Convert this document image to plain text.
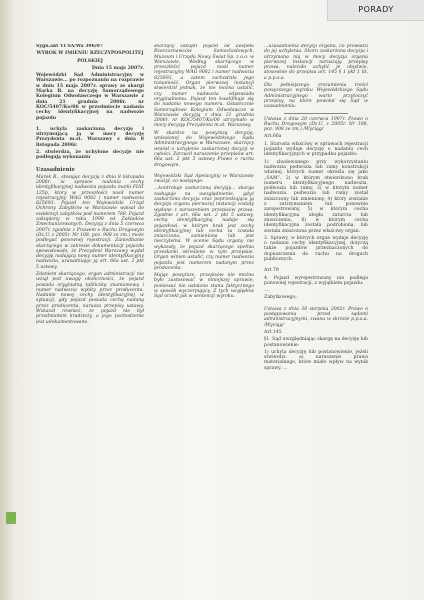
PORADY

Sygn.akt VI SA/Wa 396/07

WYROK W IMIENIU RZECZYPOSPOLITEJ

POLSKIEJ

Dnia 15 maja 2007r.

Wojewódzki Sąd Administracyjny w Warszawie... po rozpoznaniu na rozprawie w dniu 15 maja 2007r. sprawy ze skargi Marka B. na decyzję Samorządowego Kolegium Odwoławczego w Warszawie z dnia 21 grudnia 2006r. nr KOC/5407/Ko/06 w przedmiocie nadania cechy identyfikacyjnej na nadwozie pojazdu

1. uchyla zaskarżoną decyzję i utrzymującą ją w mocy decyzję Prezydenta m.st. Warszawy z dnia 8 listopada 2006r.

2. stwierdza, że uchylone decyzje nie podlegają wykonaniu

Uzasadnienie

Marek B., stosując decyzję z dnia 8 listopada 2006r. w sprawie nadania cechy identyfikacyjnej nadwozia pojazdu marki FIAT 125p, który w przeszłości nosił numer rejestracyjny WAG 9082 i numer nadwozia 825693. Pojazd ten Wojewódzki Urząd Ochrony Zabytków w Warszawie wpisał do ewidencji zabytków pod numerem 788. Pojazd zakupiony w roku 1998 od Zakładów Zmechanizowanych. Decyzją z dnia 5 czerwca 2007r. zgodnie z Prawem o Ruchu Drogowym (Dz.U. z 2005r. Nr 108, poz. 908 ze zm.) może podlegać ponownej rejestracji. Zaniedbanie skarżącego w zakresie dokumentacji pojazdu spowodowało, że Prezydent Warszawy wydał decyzję nadającą nowy numer identyfikacyjny nadwozia, uzasadniając ją art. 66a ust. 2 pkt 5 ustawy.

Zdaniem skarżącego, organ administracji nie wziął pod uwagę okoliczności, że pojazd posiada oryginalną tabliczkę znamionową i numer nadwozia wybity przez producenta. Nadanie nowej cechy identyfikacyjnej w sytuacji, gdy pojazd posiada cechę nadaną przez producenta, narusza przepisy ustawy. Wskazał również, że pojazd nie był przedmiotem kradzieży, a jego pochodzenie jest udokumentowane.

skarżący zakupił pojazd od Zespołu Rzeczoznawców Samochodowych, Muzeum i Urzędu Nowy Świat Sp. z o.o. w Warszawie. Według skarżącego w przeszłości pojazd nosił numer rejestracyjny WAG 9082 i numer nadwozia 825693, a zatem zachodziła jego tożsamość. Organ pierwszej instancji stwierdził jednak, że nie można ustalić, czy numer nadwozia odpowiada oryginalnemu. Pojazd ten kwalifikuje się do nadania nowego numeru. Ostatecznie Samorządowe Kolegium Odwoławcze w Warszawie decyzją z dnia 21 grudnia 2006r. nr KOC/5407/Ko/06 utrzymało w mocy decyzję Prezydenta m.st. Warszawy.

W skardze na powyższą decyzję, wniesionej do Wojewódzkiego Sądu Administracyjnego w Warszawie, skarżący wniósł o uchylenie zaskarżonej decyzji w całości. Zarzucił naruszenie przepisów art. 66a ust. 2 pkt 5 ustawy Prawo o ruchu drogowym.

Wojewódzki Sąd Apelacyjny w Warszawie zważył, co następuje:

...kontroluje zaskarżoną decyzję... skarga zasługuje na uwzględnienie, gdyż zaskarżona decyzja oraz poprzedzająca ją decyzja organu pierwszej instancji zostały wydane z naruszeniem przepisów prawa. Zgodnie z art. 66a ust. 2 pkt 5 ustawy, cechę identyfikacyjną nadaje się pojazdowi, w którym brak jest cechy identyfikacyjnej lub cecha ta została zniszczona, zamieniona lub jest nieczytelna. W ocenie Sądu organy nie wykazały, że pojazd skarżącego spełnia przesłanki określone w tym przepisie. Organ winien ustalić, czy numer nadwozia pojazdu jest numerem nadanym przez producenta.

Mając powyższe, przepisów nie można było zastosować w niniejszej sprawie, ponieważ nie ustalono stanu faktycznego w sposób wyczerpujący. Z tych względów Sąd orzekł jak w sentencji wyroku.

...uzasadnienia decyzji organu, co prowadzi do jej uchylenia. Skoro zaskarżona decyzja i utrzymana nią w mocy decyzja organu pierwszej instancji naruszają przepisy prawa, należało uchylić je obydwie, stosownie do przepisu art. 145 § 1 pkt 1 lit. a p.p.s.a.

Dla pełniejszego zrozumienia treści powyższego wyroku Wojewódzkiego Sądu Administracyjnego warto przytoczyć przepisy, na które powołał się Sąd w uzasadnieniu.

Ustawa z dnia 20 czerwca 1997r. Prawo o Ruchu Drogowym (Dz.U. z 2005r. Nr 108, poz. 908 ze zm.) /Wyciąg/

Art.66a

1. Starosta właściwy w sprawach rejestracji pojazdu wydaje decyzję o nadaniu cech identyfikacyjnych w przypadku pojazdu:

1) zbudowanego przy wykorzystaniu nadwozia podwozia lub ramy konstrukcji własnej, których numer określa się jako „SAM”, 2) w którym stwierdzono brak numeru identyfikacyjnego nadwozia, podwozia lub ramy, 3) w którym numer nadwozia, podwozia lub ramy został zniszczony lub zmieniony, 4) który zostanie z zatrzymaniem lub ponownie zarejestrowany, 5) w którym cecha identyfikacyjna uległa zatarciu lub zniszczeniu, 6) w którym cecha identyfikacyjna została podrobiona, lub została zniszczona przez właściwy organ.

2. Sprawy, w których organ wydaje decyzję o nadaniu cechy identyfikacyjnej, dotyczą także pojazdów przeznaczonych do dopuszczenia do ruchu na drogach publicznych.

Art.79

4. Pojazd wyrejestrowany nie podlega ponownej rejestracji, z wyjątkiem pojazdu:

....

Zabytkowego;

Ustawa z dnia 30 sierpnia 2002r. Prawo o postępowaniu przed sądami administracyjnymi, zwana w skrócie p.p.s.a. /Wyciąg/

Art.145

§1. Sąd uwzględniając skargę na decyzję lub postanowienie:

1) uchyla decyzję lub postanowienie, jeżeli stwierdzi: a) naruszenie prawa materialnego, które miało wpływ na wynik sprawy, ...
